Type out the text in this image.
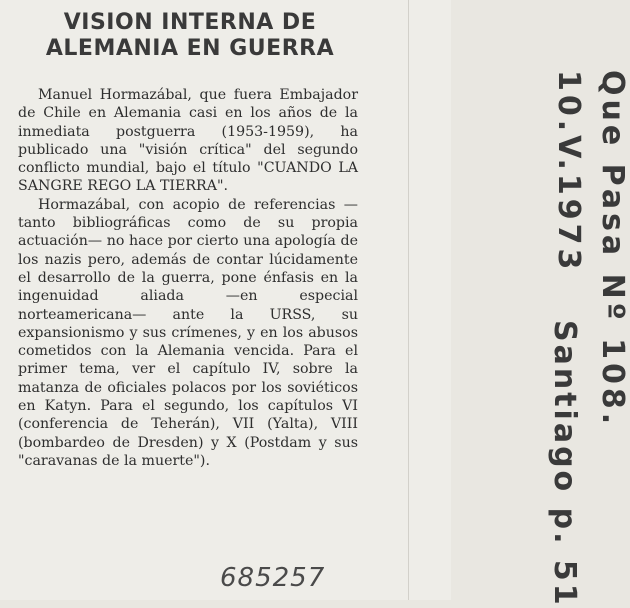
VISION INTERNA DE
ALEMANIA EN GUERRA

Manuel Hormazábal, que fuera Embajador de Chile en Alemania casi en los años de la inmediata postguerra (1953-1959), ha publicado una "visión crítica" del segundo conflicto mundial, bajo el título "CUANDO LA SANGRE REGO LA TIERRA".

Hormazábal, con acopio de referencias —tanto bibliográficas como de su propia actuación— no hace por cierto una apología de los nazis pero, además de contar lúcidamente el desarrollo de la guerra, pone énfasis en la ingenuidad aliada —en especial norteamericana— ante la URSS, su expansionismo y sus crímenes, y en los abusos cometidos con la Alemania vencida. Para el primer tema, ver el capítulo IV, sobre la matanza de oficiales polacos por los soviéticos en Katyn. Para el segundo, los capítulos VI (conferencia de Teherán), VII (Yalta), VIII (bombardeo de Dresden) y X (Postdam y sus "caravanas de la muerte").

Que Pasa Nº 108.
10.V.1973
Santiago p. 51
685257
